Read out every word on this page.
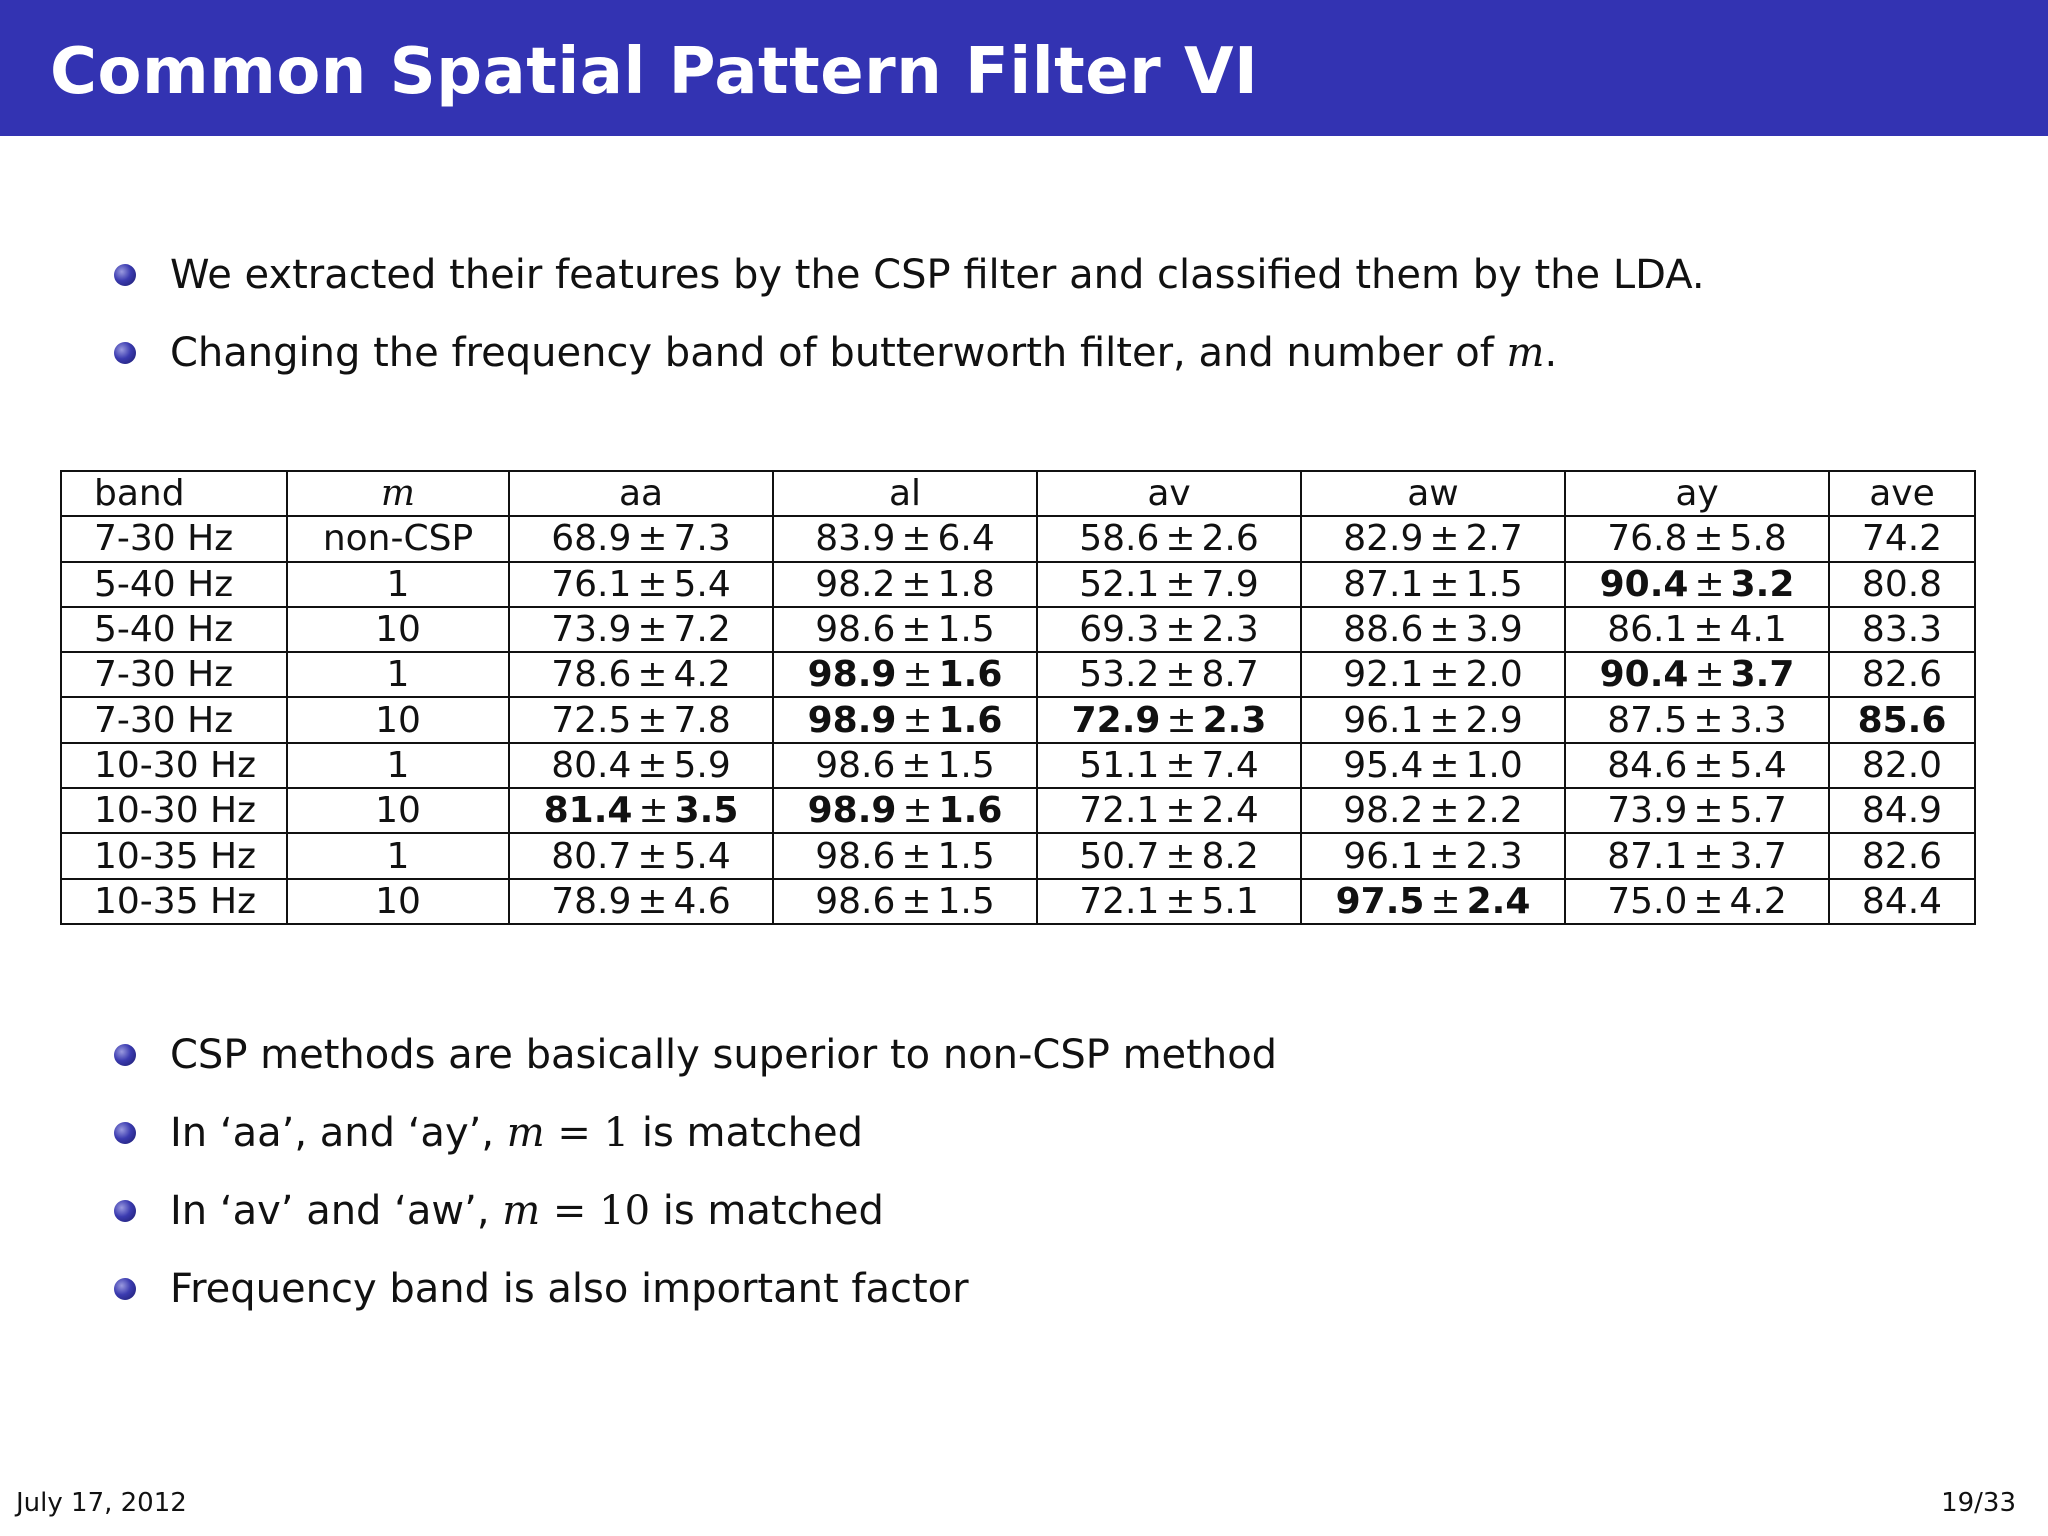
Common Spatial Pattern Filter VI
We extracted their features by the CSP filter and classified them by the LDA.
Changing the frequency band of butterworth filter, and number of m.
band	m	aa	al	av	aw	ay	ave
7-30 Hz	non-CSP	68.9 ± 7.3	83.9 ± 6.4	58.6 ± 2.6	82.9 ± 2.7	76.8 ± 5.8	74.2
5-40 Hz	1	76.1 ± 5.4	98.2 ± 1.8	52.1 ± 7.9	87.1 ± 1.5	90.4 ± 3.2	80.8
5-40 Hz	10	73.9 ± 7.2	98.6 ± 1.5	69.3 ± 2.3	88.6 ± 3.9	86.1 ± 4.1	83.3
7-30 Hz	1	78.6 ± 4.2	98.9 ± 1.6	53.2 ± 8.7	92.1 ± 2.0	90.4 ± 3.7	82.6
7-30 Hz	10	72.5 ± 7.8	98.9 ± 1.6	72.9 ± 2.3	96.1 ± 2.9	87.5 ± 3.3	85.6
10-30 Hz	1	80.4 ± 5.9	98.6 ± 1.5	51.1 ± 7.4	95.4 ± 1.0	84.6 ± 5.4	82.0
10-30 Hz	10	81.4 ± 3.5	98.9 ± 1.6	72.1 ± 2.4	98.2 ± 2.2	73.9 ± 5.7	84.9
10-35 Hz	1	80.7 ± 5.4	98.6 ± 1.5	50.7 ± 8.2	96.1 ± 2.3	87.1 ± 3.7	82.6
10-35 Hz	10	78.9 ± 4.6	98.6 ± 1.5	72.1 ± 5.1	97.5 ± 2.4	75.0 ± 4.2	84.4
CSP methods are basically superior to non-CSP method
In ‘aa’, and ‘ay’, m = 1 is matched
In ‘av’ and ‘aw’, m = 10 is matched
Frequency band is also important factor
July 17, 2012	19/33
